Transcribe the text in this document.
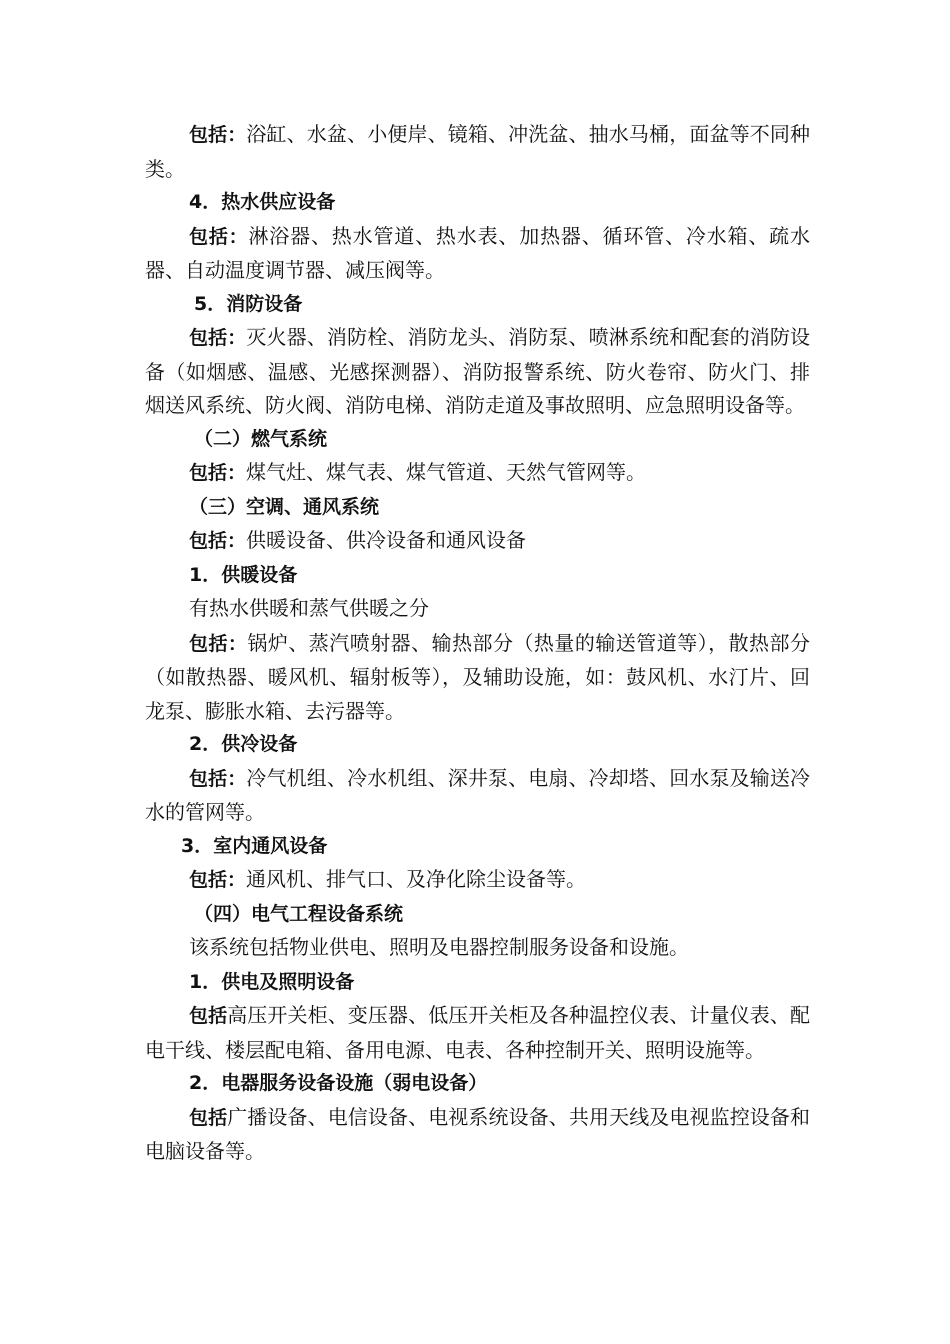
包括：浴缸、水盆、小便岸、镜箱、冲洗盆、抽水马桶，面盆等不同种类。

4．热水供应设备

包括：淋浴器、热水管道、热水表、加热器、循环管、冷水箱、疏水器、自动温度调节器、减压阀等。

5．消防设备

包括：灭火器、消防栓、消防龙头、消防泵、喷淋系统和配套的消防设备（如烟感、温感、光感探测器）、消防报警系统、防火卷帘、防火门、排烟送风系统、防火阀、消防电梯、消防走道及事故照明、应急照明设备等。

（二）燃气系统

包括：煤气灶、煤气表、煤气管道、天然气管网等。

（三）空调、通风系统

包括：供暖设备、供冷设备和通风设备

1．供暖设备

有热水供暖和蒸气供暖之分

包括：锅炉、蒸汽喷射器、输热部分（热量的输送管道等），散热部分（如散热器、暖风机、辐射板等），及辅助设施，如：鼓风机、水汀片、回龙泵、膨胀水箱、去污器等。

2．供冷设备

包括：冷气机组、冷水机组、深井泵、电扇、冷却塔、回水泵及输送冷水的管网等。

3．室内通风设备

包括：通风机、排气口、及净化除尘设备等。

（四）电气工程设备系统

该系统包括物业供电、照明及电器控制服务设备和设施。

1．供电及照明设备

包括高压开关柜、变压器、低压开关柜及各种温控仪表、计量仪表、配电干线、楼层配电箱、备用电源、电表、各种控制开关、照明设施等。

2．电器服务设备设施（弱电设备）

包括广播设备、电信设备、电视系统设备、共用天线及电视监控设备和电脑设备等。
